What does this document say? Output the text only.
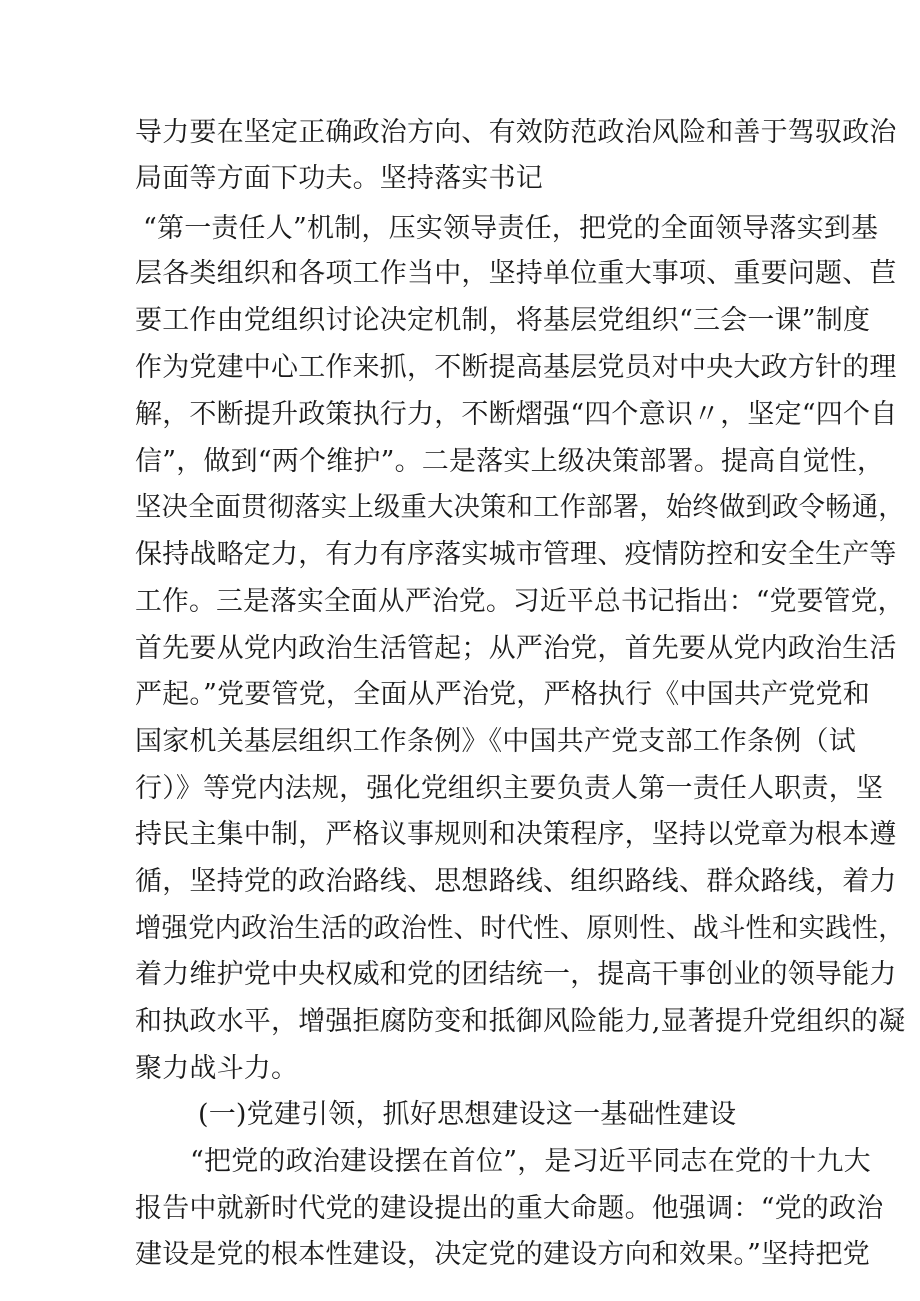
导力要在坚定正确政治方向、有效防范政治风险和善于驾驭政治
局面等方面下功夫。坚持落实书记
“第一责任人”机制，压实领导责任，把党的全面领导落实到基
层各类组织和各项工作当中，坚持单位重大事项、重要问题、苣
要工作由党组织讨论决定机制，将基层党组织“三会一课”制度
作为党建中心工作来抓，不断提高基层党员对中央大政方针的理
解，不断提升政策执行力，不断熠强“四个意识〃，坚定“四个自
信”，做到“两个维护”。二是落实上级决策部署。提高自觉性，
坚决全面贯彻落实上级重大决策和工作部署，始终做到政令畅通，
保持战略定力，有力有序落实城市管理、疫情防控和安全生产等
工作。三是落实全面从严治党。习近平总书记指出：“党要管党，
首先要从党内政治生活管起；从严治党，首先要从党内政治生活
严起。”党要管党，全面从严治党，严格执行《中国共产党党和
国家机关基层组织工作条例》《中国共产党支部工作条例（试
行）》等党内法规，强化党组织主要负责人第一责任人职责，坚
持民主集中制，严格议事规则和决策程序，坚持以党章为根本遵
循，坚持党的政治路线、思想路线、组织路线、群众路线，着力
增强党内政治生活的政治性、时代性、原则性、战斗性和实践性，
着力维护党中央权威和党的团结统一，提高干事创业的领导能力
和执政水平，增强拒腐防变和抵御风险能力,显著提升党组织的凝
聚力战斗力。
(一)党建引领，抓好思想建设这一基础性建设
“把党的政治建设摆在首位”，是习近平同志在党的十九大
报告中就新时代党的建设提出的重大命题。他强调：“党的政治
建设是党的根本性建设，决定党的建设方向和效果。”坚持把党
